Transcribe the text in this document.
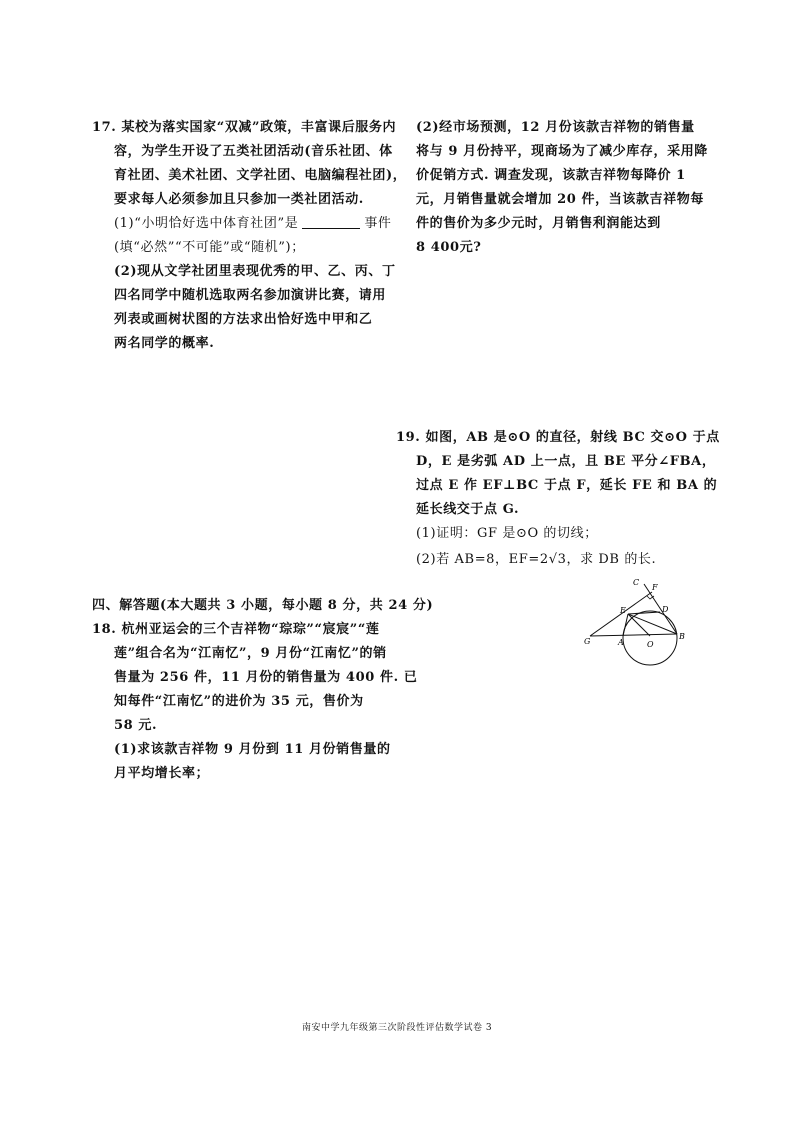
17. 某校为落实国家“双减”政策，丰富课后服务内
容，为学生开设了五类社团活动(音乐社团、体
育社团、美术社团、文学社团、电脑编程社团)，
要求每人必须参加且只参加一类社团活动.
(1)“小明恰好选中体育社团”是	事件
(填“必然”“不可能”或“随机”)；
(2)现从文学社团里表现优秀的甲、乙、丙、丁
四名同学中随机选取两名参加演讲比赛，请用
列表或画树状图的方法求出恰好选中甲和乙
两名同学的概率.
四、解答题(本大题共 3 小题，每小题 8 分，共 24 分)
18. 杭州亚运会的三个吉祥物“琮琮”“宸宸”“莲
莲”组合名为“江南忆”，9 月份“江南忆”的销
售量为 256 件，11 月份的销售量为 400 件. 已
知每件“江南忆”的进价为 35 元，售价为
58 元.
(1)求该款吉祥物 9 月份到 11 月份销售量的
月平均增长率；
(2)经市场预测，12 月份该款吉祥物的销售量
将与 9 月份持平，现商场为了减少库存，采用降
价促销方式. 调查发现，该款吉祥物每降价 1
元，月销售量就会增加 20 件，当该款吉祥物每
件的售价为多少元时，月销售利润能达到
8 400元?
19. 如图，AB 是⊙O 的直径，射线 BC 交⊙O 于点
D，E 是劣弧 AD 上一点，且 BE 平分∠FBA，
过点 E 作 EF⊥BC 于点 F，延长 FE 和 BA 的
延长线交于点 G.
(1)证明：GF 是⊙O 的切线；
(2)若 AB=8，EF=2√3，求 DB 的长.
C
F
D
E
G	A	O
B
南安中学九年级第三次阶段性评估数学试卷 3
